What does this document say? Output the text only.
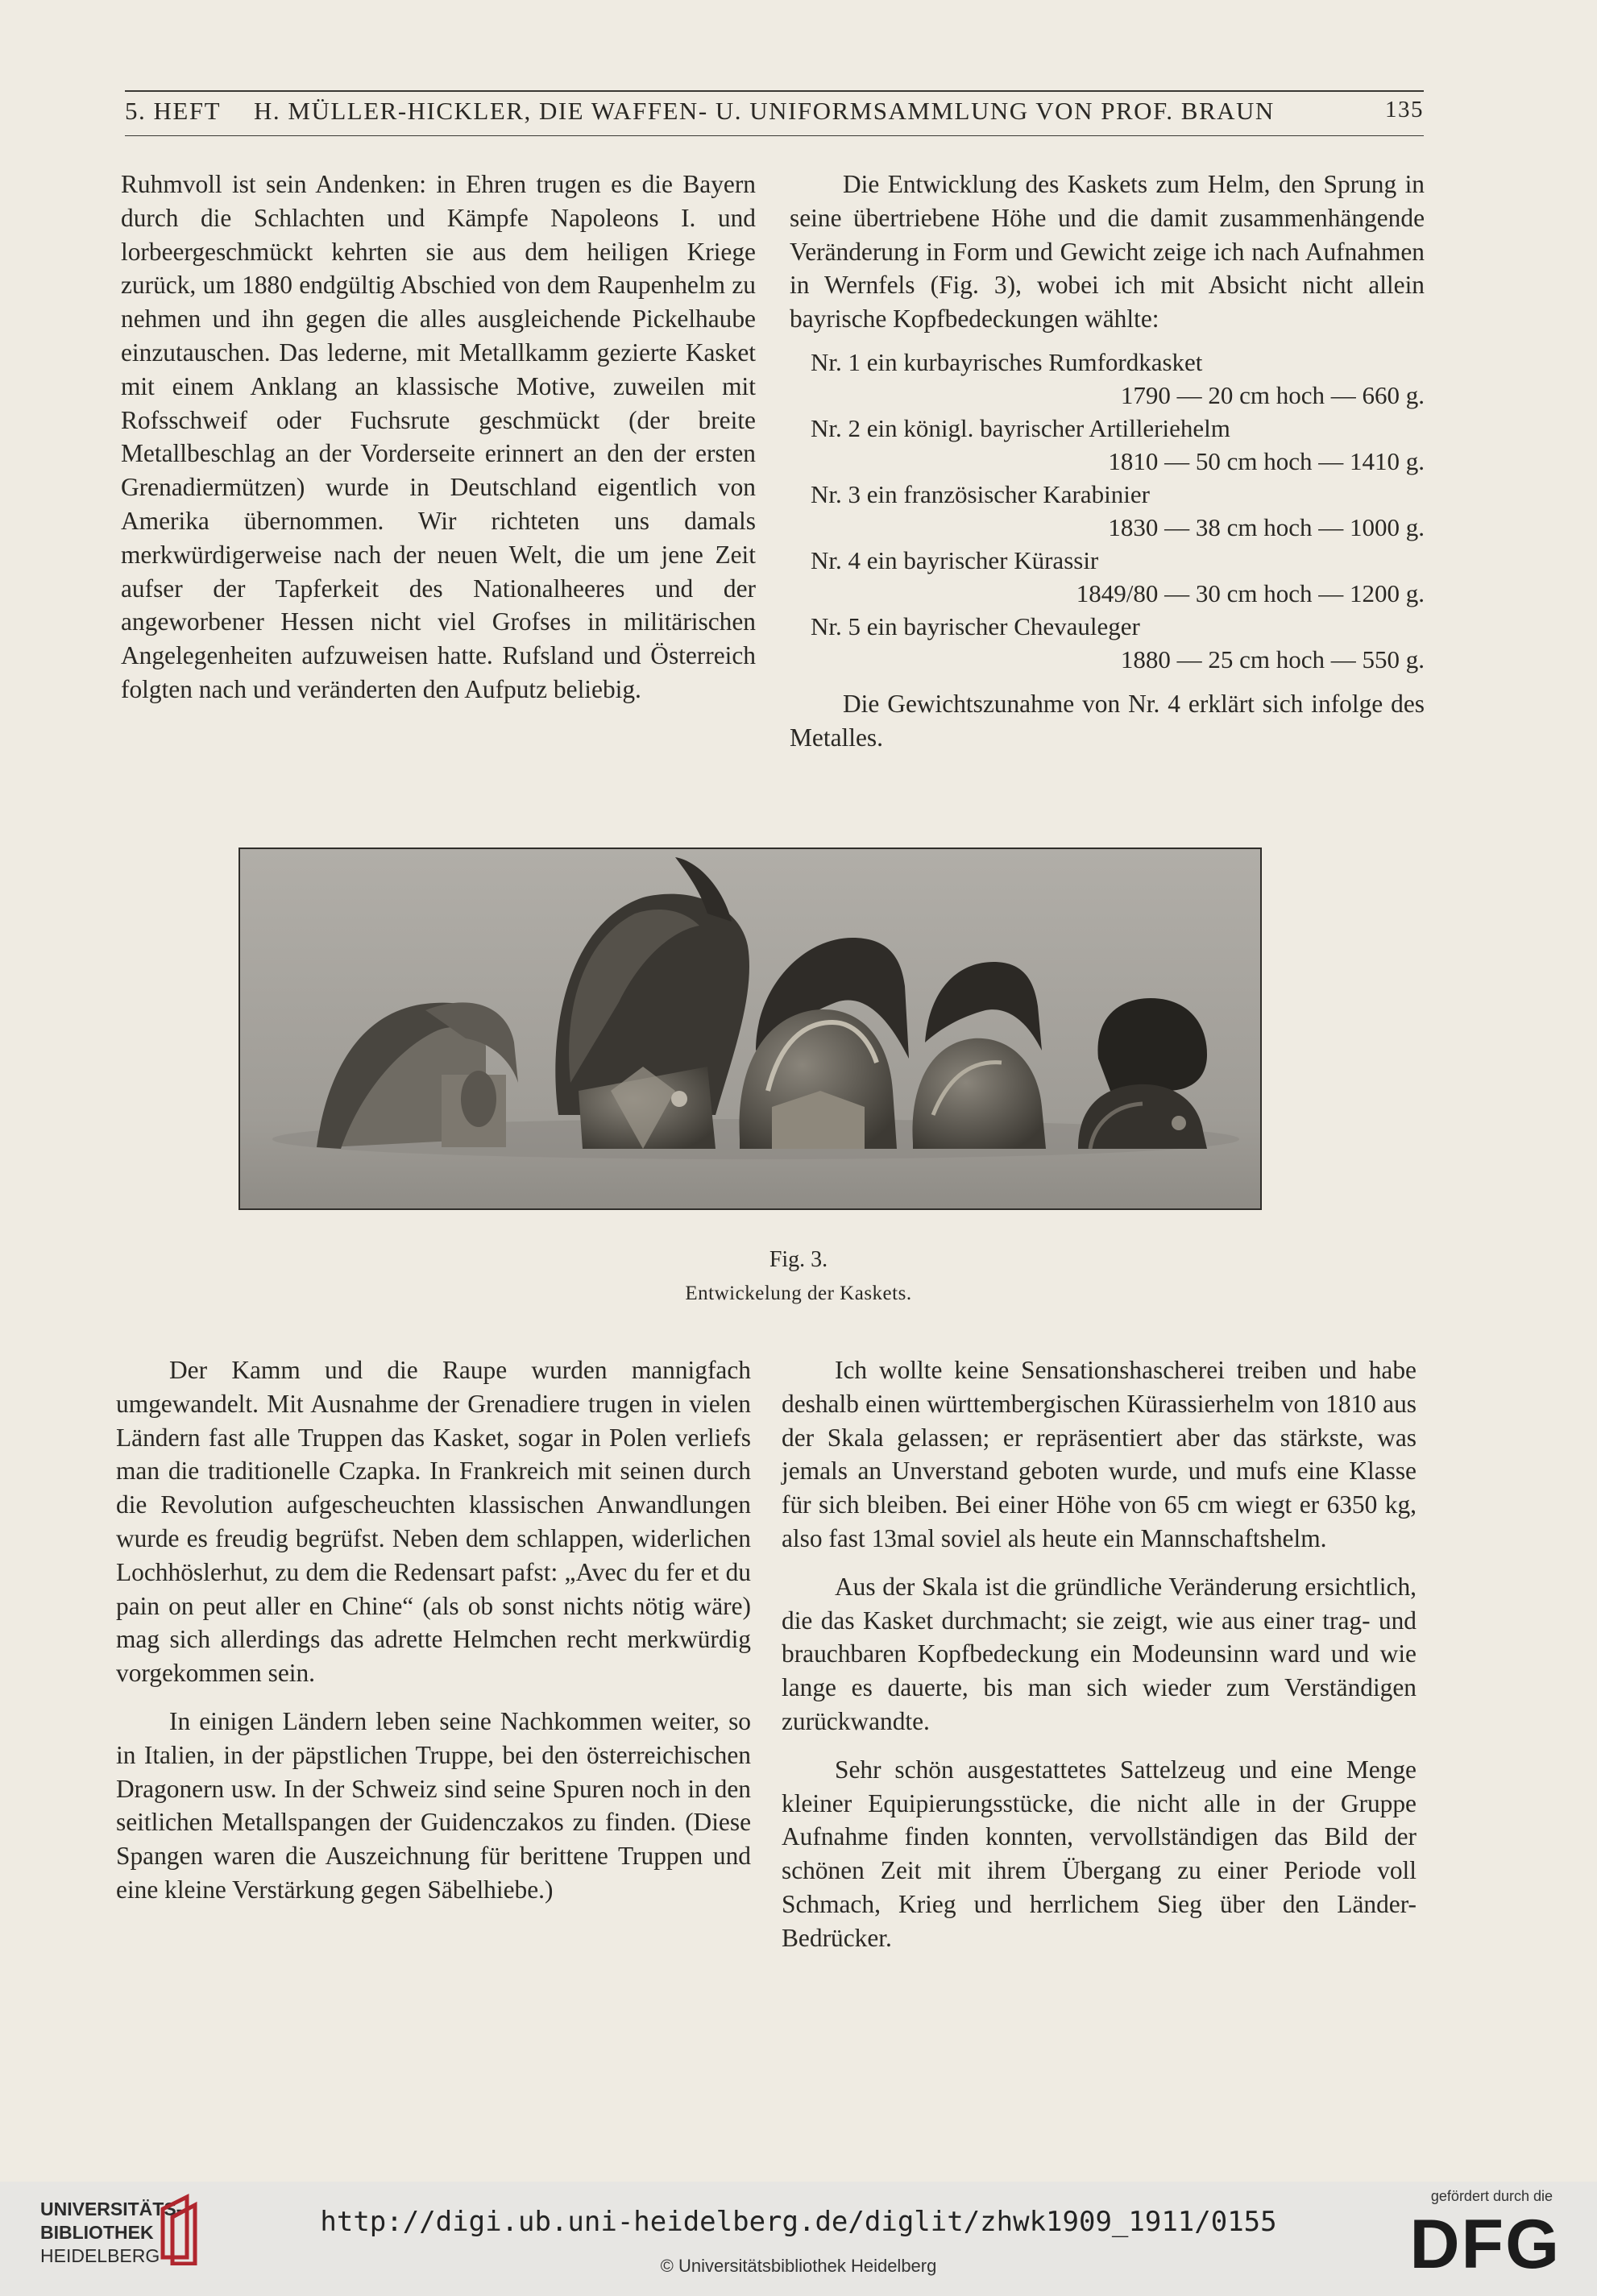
5. HEFT H. MÜLLER-HICKLER, DIE WAFFEN- U. UNIFORMSAMMLUNG VON PROF. BRAUN	135

Ruhmvoll ist sein Andenken: in Ehren trugen es die Bayern durch die Schlachten und Kämpfe Napoleons I. und lorbeergeschmückt kehrten sie aus dem heiligen Kriege zurück, um 1880 endgültig Abschied von dem Raupenhelm zu nehmen und ihn gegen die alles ausgleichende Pickelhaube einzutauschen. Das lederne, mit Metallkamm gezierte Kasket mit einem Anklang an klassische Motive, zuweilen mit Rofsschweif oder Fuchsrute geschmückt (der breite Metallbeschlag an der Vorderseite erinnert an den der ersten Grenadiermützen) wurde in Deutschland eigentlich von Amerika übernommen. Wir richteten uns damals merkwürdigerweise nach der neuen Welt, die um jene Zeit aufser der Tapferkeit des Nationalheeres und der angeworbener Hessen nicht viel Grofses in militärischen Angelegenheiten aufzuweisen hatte. Rufsland und Österreich folgten nach und veränderten den Aufputz beliebig.

Die Entwicklung des Kaskets zum Helm, den Sprung in seine übertriebene Höhe und die damit zusammenhängende Veränderung in Form und Gewicht zeige ich nach Aufnahmen in Wernfels (Fig. 3), wobei ich mit Absicht nicht allein bayrische Kopfbedeckungen wählte:

Nr. 1 ein kurbayrisches Rumfordkasket
1790 — 20 cm hoch — 660 g.
Nr. 2 ein königl. bayrischer Artilleriehelm
1810 — 50 cm hoch — 1410 g.
Nr. 3 ein französischer Karabinier
1830 — 38 cm hoch — 1000 g.
Nr. 4 ein bayrischer Kürassir
1849/80 — 30 cm hoch — 1200 g.
Nr. 5 ein bayrischer Chevauleger
1880 — 25 cm hoch — 550 g.

Die Gewichtszunahme von Nr. 4 erklärt sich infolge des Metalles.

Fig. 3.
Entwickelung der Kaskets.

Der Kamm und die Raupe wurden mannigfach umgewandelt. Mit Ausnahme der Grenadiere trugen in vielen Ländern fast alle Truppen das Kasket, sogar in Polen verliefs man die traditionelle Czapka. In Frankreich mit seinen durch die Revolution aufgescheuchten klassischen Anwandlungen wurde es freudig begrüfst. Neben dem schlappen, widerlichen Lochhöslerhut, zu dem die Redensart pafst: „Avec du fer et du pain on peut aller en Chine“ (als ob sonst nichts nötig wäre) mag sich allerdings das adrette Helmchen recht merkwürdig vorgekommen sein.

In einigen Ländern leben seine Nachkommen weiter, so in Italien, in der päpstlichen Truppe, bei den österreichischen Dragonern usw. In der Schweiz sind seine Spuren noch in den seitlichen Metallspangen der Guidenczakos zu finden. (Diese Spangen waren die Auszeichnung für berittene Truppen und eine kleine Verstärkung gegen Säbelhiebe.)

Ich wollte keine Sensationshascherei treiben und habe deshalb einen württembergischen Kürassierhelm von 1810 aus der Skala gelassen; er repräsentiert aber das stärkste, was jemals an Unverstand geboten wurde, und mufs eine Klasse für sich bleiben. Bei einer Höhe von 65 cm wiegt er 6350 kg, also fast 13mal soviel als heute ein Mannschaftshelm.

Aus der Skala ist die gründliche Veränderung ersichtlich, die das Kasket durchmacht; sie zeigt, wie aus einer trag- und brauchbaren Kopfbedeckung ein Modeunsinn ward und wie lange es dauerte, bis man sich wieder zum Verständigen zurückwandte.

Sehr schön ausgestattetes Sattelzeug und eine Menge kleiner Equipierungsstücke, die nicht alle in der Gruppe Aufnahme finden konnten, vervollständigen das Bild der schönen Zeit mit ihrem Übergang zu einer Periode voll Schmach, Krieg und herrlichem Sieg über den Länder-Bedrücker.

UNIVERSITÄTS-
BIBLIOTHEK
HEIDELBERG
http://digi.ub.uni-heidelberg.de/diglit/zhwk1909_1911/0155
© Universitätsbibliothek Heidelberg
gefördert durch die
DFG
